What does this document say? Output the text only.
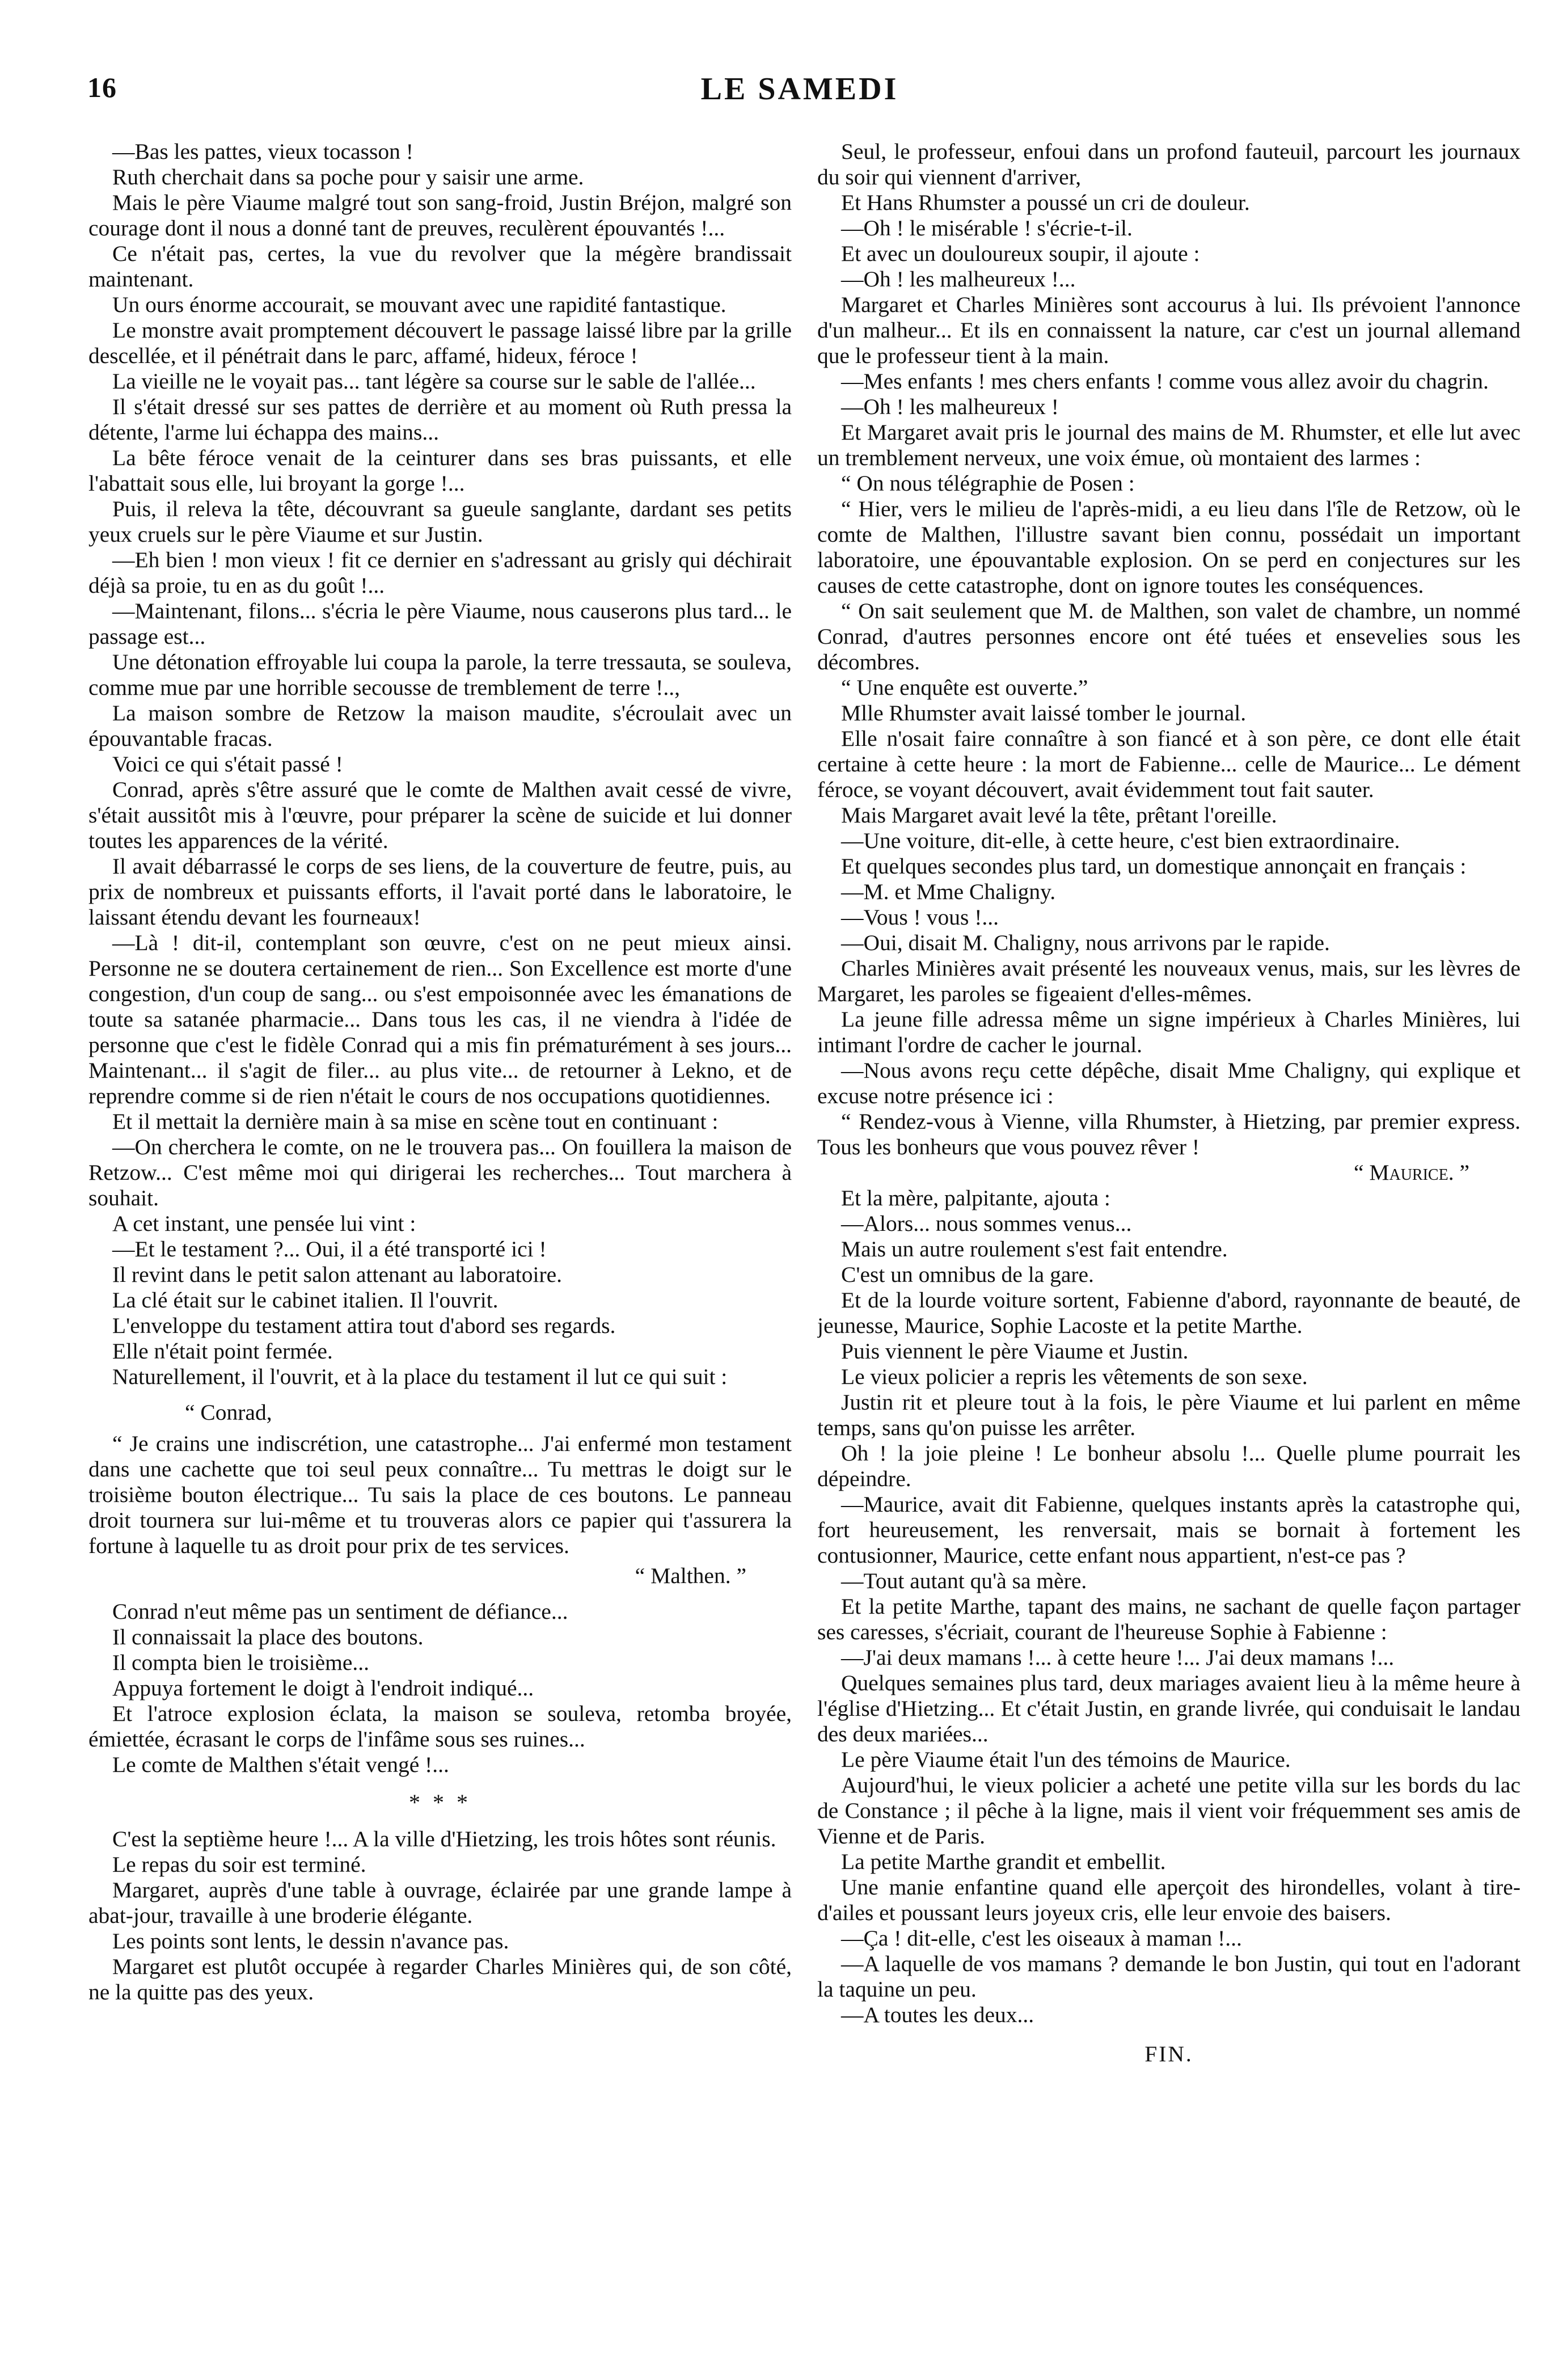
16	LE SAMEDI

—Bas les pattes, vieux tocasson !

Ruth cherchait dans sa poche pour y saisir une arme.

Mais le père Viaume malgré tout son sang-froid, Justin Bréjon, malgré son courage dont il nous a donné tant de preuves, reculèrent épouvantés !...

Ce n'était pas, certes, la vue du revolver que la mégère brandissait maintenant.

Un ours énorme accourait, se mouvant avec une rapidité fantastique.

Le monstre avait promptement découvert le passage laissé libre par la grille descellée, et il pénétrait dans le parc, affamé, hideux, féroce !

La vieille ne le voyait pas... tant légère sa course sur le sable de l'allée...

Il s'était dressé sur ses pattes de derrière et au moment où Ruth pressa la détente, l'arme lui échappa des mains...

La bête féroce venait de la ceinturer dans ses bras puissants, et elle l'abattait sous elle, lui broyant la gorge !...

Puis, il releva la tête, découvrant sa gueule sanglante, dardant ses petits yeux cruels sur le père Viaume et sur Justin.

—Eh bien ! mon vieux ! fit ce dernier en s'adressant au grisly qui déchirait déjà sa proie, tu en as du goût !...

—Maintenant, filons... s'écria le père Viaume, nous causerons plus tard... le passage est...

Une détonation effroyable lui coupa la parole, la terre tressauta, se souleva, comme mue par une horrible secousse de tremblement de terre !..,

La maison sombre de Retzow la maison maudite, s'écroulait avec un épouvantable fracas.

Voici ce qui s'était passé !

Conrad, après s'être assuré que le comte de Malthen avait cessé de vivre, s'était aussitôt mis à l'œuvre, pour préparer la scène de suicide et lui donner toutes les apparences de la vérité.

Il avait débarrassé le corps de ses liens, de la couverture de feutre, puis, au prix de nombreux et puissants efforts, il l'avait porté dans le laboratoire, le laissant étendu devant les fourneaux!

—Là ! dit-il, contemplant son œuvre, c'est on ne peut mieux ainsi. Personne ne se doutera certainement de rien... Son Excellence est morte d'une congestion, d'un coup de sang... ou s'est empoisonnée avec les émanations de toute sa satanée pharmacie... Dans tous les cas, il ne viendra à l'idée de personne que c'est le fidèle Conrad qui a mis fin prématurément à ses jours... Maintenant... il s'agit de filer... au plus vite... de retourner à Lekno, et de reprendre comme si de rien n'était le cours de nos occupations quotidiennes.

Et il mettait la dernière main à sa mise en scène tout en continuant :

—On cherchera le comte, on ne le trouvera pas... On fouillera la maison de Retzow... C'est même moi qui dirigerai les recherches... Tout marchera à souhait.

A cet instant, une pensée lui vint :

—Et le testament ?... Oui, il a été transporté ici !

Il revint dans le petit salon attenant au laboratoire.

La clé était sur le cabinet italien. Il l'ouvrit.

L'enveloppe du testament attira tout d'abord ses regards.

Elle n'était point fermée.

Naturellement, il l'ouvrit, et à la place du testament il lut ce qui suit :

“ Conrad,

“ Je crains une indiscrétion, une catastrophe... J'ai enfermé mon testament dans une cachette que toi seul peux connaître... Tu mettras le doigt sur le troisième bouton électrique... Tu sais la place de ces boutons. Le panneau droit tournera sur lui-même et tu trouveras alors ce papier qui t'assurera la fortune à laquelle tu as droit pour prix de tes services.

“ Malthen. ”

Conrad n'eut même pas un sentiment de défiance...

Il connaissait la place des boutons.

Il compta bien le troisième...

Appuya fortement le doigt à l'endroit indiqué...

Et l'atroce explosion éclata, la maison se souleva, retomba broyée, émiettée, écrasant le corps de l'infâme sous ses ruines...

Le comte de Malthen s'était vengé !...

* * *

C'est la septième heure !... A la ville d'Hietzing, les trois hôtes sont réunis.

Le repas du soir est terminé.

Margaret, auprès d'une table à ouvrage, éclairée par une grande lampe à abat-jour, travaille à une broderie élégante.

Les points sont lents, le dessin n'avance pas.

Margaret est plutôt occupée à regarder Charles Minières qui, de son côté, ne la quitte pas des yeux.

Seul, le professeur, enfoui dans un profond fauteuil, parcourt les journaux du soir qui viennent d'arriver,

Et Hans Rhumster a poussé un cri de douleur.

—Oh ! le misérable ! s'écrie-t-il.

Et avec un douloureux soupir, il ajoute :

—Oh ! les malheureux !...

Margaret et Charles Minières sont accourus à lui. Ils prévoient l'annonce d'un malheur... Et ils en connaissent la nature, car c'est un journal allemand que le professeur tient à la main.

—Mes enfants ! mes chers enfants ! comme vous allez avoir du chagrin.

—Oh ! les malheureux !

Et Margaret avait pris le journal des mains de M. Rhumster, et elle lut avec un tremblement nerveux, une voix émue, où montaient des larmes :

“ On nous télégraphie de Posen :

“ Hier, vers le milieu de l'après-midi, a eu lieu dans l'île de Retzow, où le comte de Malthen, l'illustre savant bien connu, possédait un important laboratoire, une épouvantable explosion. On se perd en conjectures sur les causes de cette catastrophe, dont on ignore toutes les conséquences.

“ On sait seulement que M. de Malthen, son valet de chambre, un nommé Conrad, d'autres personnes encore ont été tuées et ensevelies sous les décombres.

“ Une enquête est ouverte.”

Mlle Rhumster avait laissé tomber le journal.

Elle n'osait faire connaître à son fiancé et à son père, ce dont elle était certaine à cette heure : la mort de Fabienne... celle de Maurice... Le dément féroce, se voyant découvert, avait évidemment tout fait sauter.

Mais Margaret avait levé la tête, prêtant l'oreille.

—Une voiture, dit-elle, à cette heure, c'est bien extraordinaire.

Et quelques secondes plus tard, un domestique annonçait en français :

—M. et Mme Chaligny.

—Vous ! vous !...

—Oui, disait M. Chaligny, nous arrivons par le rapide.

Charles Minières avait présenté les nouveaux venus, mais, sur les lèvres de Margaret, les paroles se figeaient d'elles-mêmes.

La jeune fille adressa même un signe impérieux à Charles Minières, lui intimant l'ordre de cacher le journal.

—Nous avons reçu cette dépêche, disait Mme Chaligny, qui explique et excuse notre présence ici :

“ Rendez-vous à Vienne, villa Rhumster, à Hietzing, par premier express. Tous les bonheurs que vous pouvez rêver !

“ Maurice. ”

Et la mère, palpitante, ajouta :

—Alors... nous sommes venus...

Mais un autre roulement s'est fait entendre.

C'est un omnibus de la gare.

Et de la lourde voiture sortent, Fabienne d'abord, rayonnante de beauté, de jeunesse, Maurice, Sophie Lacoste et la petite Marthe.

Puis viennent le père Viaume et Justin.

Le vieux policier a repris les vêtements de son sexe.

Justin rit et pleure tout à la fois, le père Viaume et lui parlent en même temps, sans qu'on puisse les arrêter.

Oh ! la joie pleine ! Le bonheur absolu !... Quelle plume pourrait les dépeindre.

—Maurice, avait dit Fabienne, quelques instants après la catastrophe qui, fort heureusement, les renversait, mais se bornait à fortement les contusionner, Maurice, cette enfant nous appartient, n'est-ce pas ?

—Tout autant qu'à sa mère.

Et la petite Marthe, tapant des mains, ne sachant de quelle façon partager ses caresses, s'écriait, courant de l'heureuse Sophie à Fabienne :

—J'ai deux mamans !... à cette heure !... J'ai deux mamans !...

Quelques semaines plus tard, deux mariages avaient lieu à la même heure à l'église d'Hietzing... Et c'était Justin, en grande livrée, qui conduisait le landau des deux mariées...

Le père Viaume était l'un des témoins de Maurice.

Aujourd'hui, le vieux policier a acheté une petite villa sur les bords du lac de Constance ; il pêche à la ligne, mais il vient voir fréquemment ses amis de Vienne et de Paris.

La petite Marthe grandit et embellit.

Une manie enfantine quand elle aperçoit des hirondelles, volant à tire-d'ailes et poussant leurs joyeux cris, elle leur envoie des baisers.

—Ça ! dit-elle, c'est les oiseaux à maman !...

—A laquelle de vos mamans ? demande le bon Justin, qui tout en l'adorant la taquine un peu.

—A toutes les deux...

FIN.
